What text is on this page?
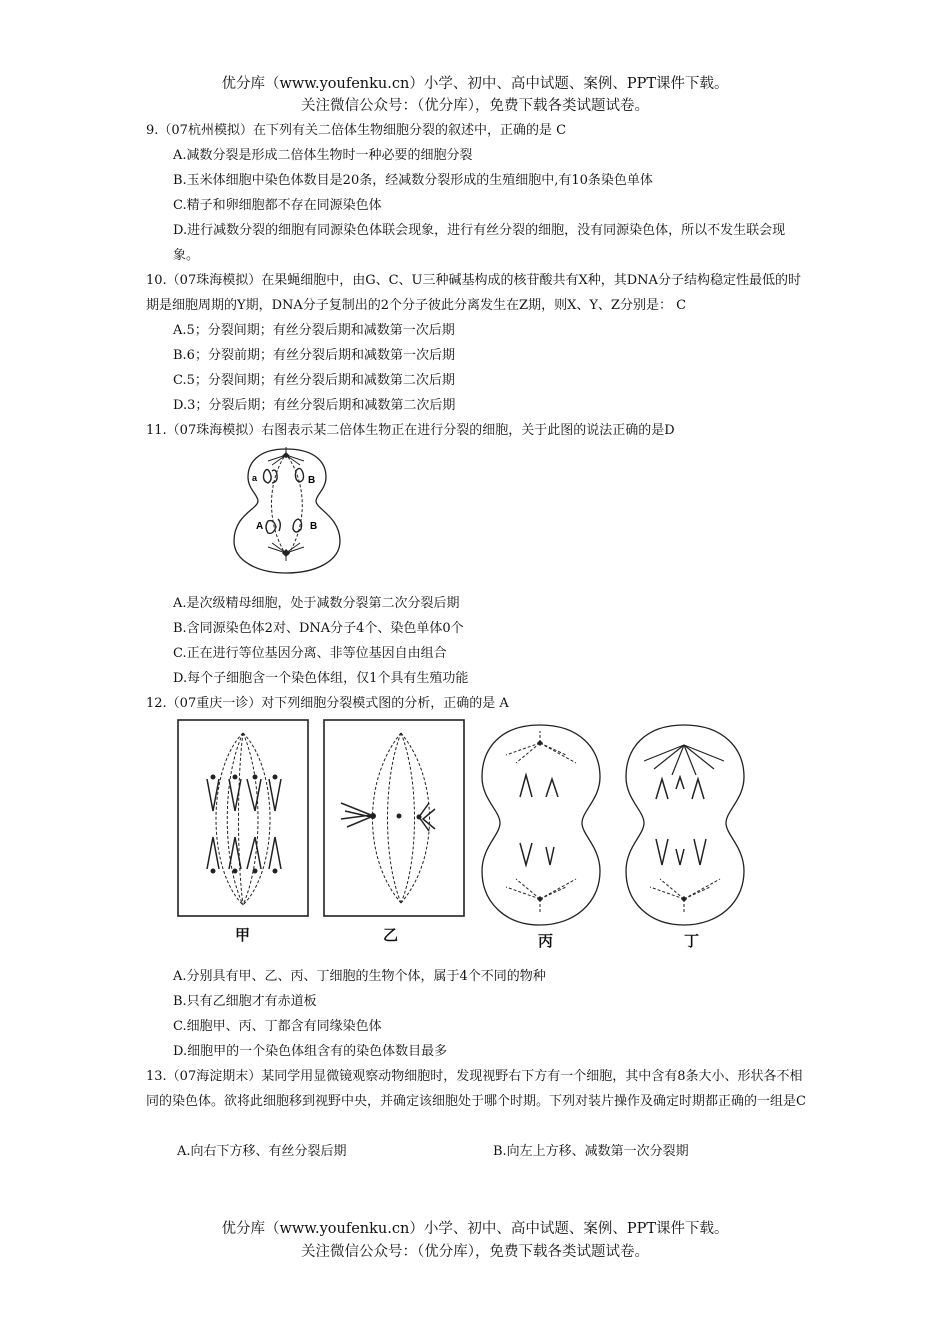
优分库（www.youfenku.cn）小学、初中、高中试题、案例、PPT课件下载。
关注微信公众号：（优分库），免费下载各类试题试卷。
9.（07杭州模拟）在下列有关二倍体生物细胞分裂的叙述中，正确的是 C
A.减数分裂是形成二倍体生物时一种必要的细胞分裂
B.玉米体细胞中染色体数目是20条，经减数分裂形成的生殖细胞中,有10条染色单体
C.精子和卵细胞都不存在同源染色体
D.进行减数分裂的细胞有同源染色体联会现象，进行有丝分裂的细胞，没有同源染色体，所以不发生联会现象。
10.（07珠海模拟）在果蝇细胞中，由G、C、U三种碱基构成的核苷酸共有X种，其DNA分子结构稳定性最低的时期是细胞周期的Y期，DNA分子复制出的2个分子彼此分离发生在Z期，则X、Y、Z分别是： C
A.5；分裂间期；有丝分裂后期和减数第一次后期
B.6；分裂前期；有丝分裂后期和减数第一次后期
C.5；分裂间期；有丝分裂后期和减数第二次后期
D.3；分裂后期；有丝分裂后期和减数第二次后期
11.（07珠海模拟）右图表示某二倍体生物正在进行分裂的细胞，关于此图的说法正确的是D
a	B
A	B
A.是次级精母细胞，处于减数分裂第二次分裂后期
B.含同源染色体2对、DNA分子4个、染色单体0个
C.正在进行等位基因分离、非等位基因自由组合
D.每个子细胞含一个染色体组，仅1个具有生殖功能
12.（07重庆一诊）对下列细胞分裂模式图的分析，正确的是 A
甲	乙	丙	丁
A.分别具有甲、乙、丙、丁细胞的生物个体，属于4个不同的物种
B.只有乙细胞才有赤道板
C.细胞甲、丙、丁都含有同缘染色体
D.细胞甲的一个染色体组含有的染色体数目最多
13.（07海淀期末）某同学用显微镜观察动物细胞时，发现视野右下方有一个细胞，其中含有8条大小、形状各不相同的染色体。欲将此细胞移到视野中央，并确定该细胞处于哪个时期。下列对装片操作及确定时期都正确的一组是C
A.向右下方移、有丝分裂后期	B.向左上方移、减数第一次分裂期
优分库（www.youfenku.cn）小学、初中、高中试题、案例、PPT课件下载。
关注微信公众号：（优分库），免费下载各类试题试卷。
